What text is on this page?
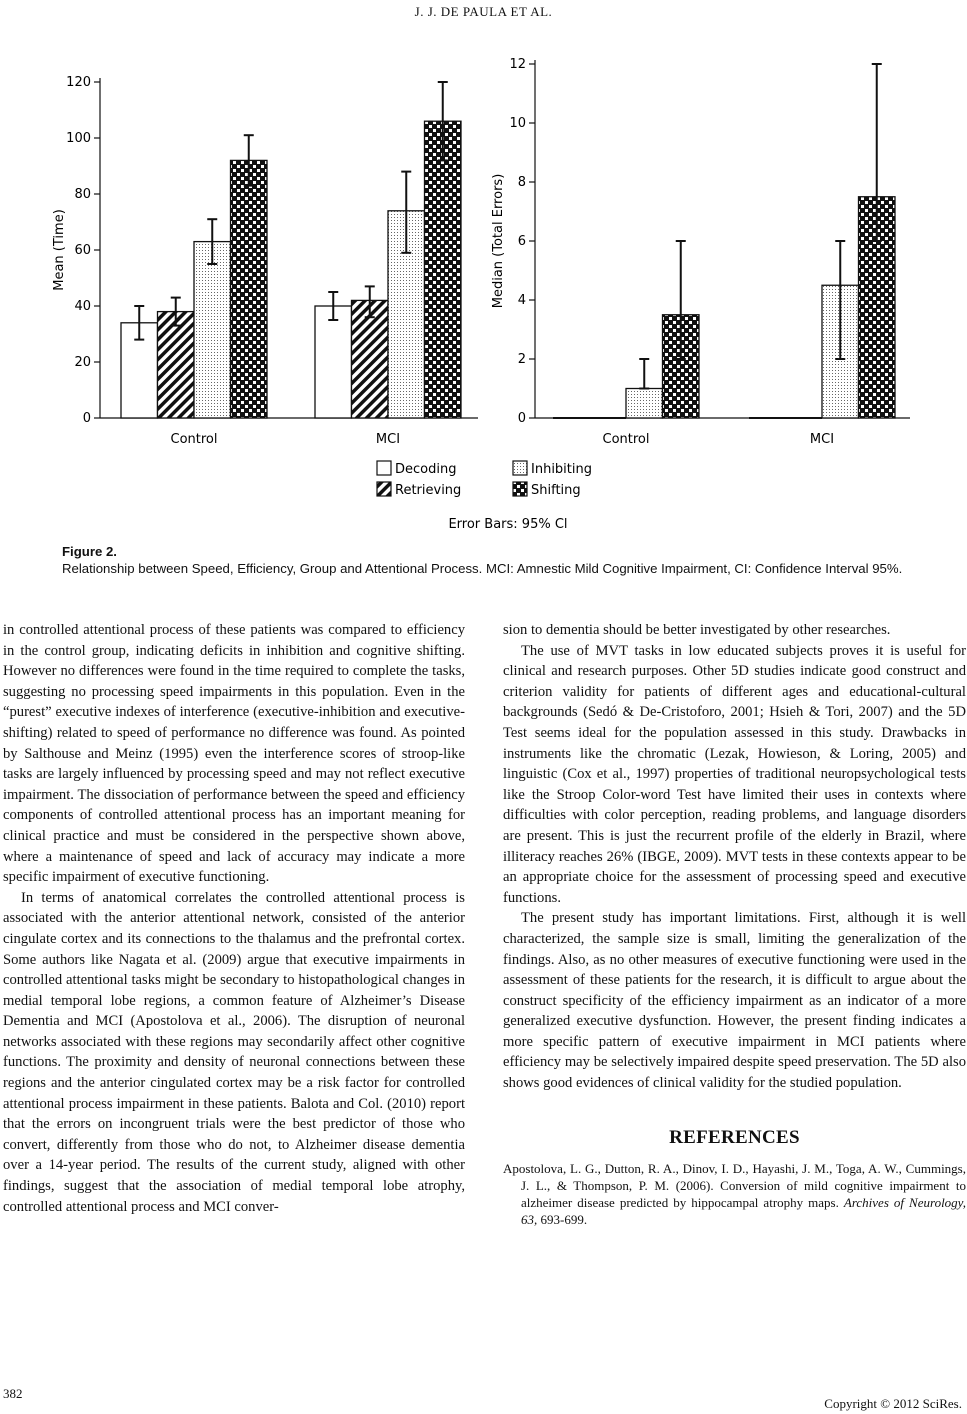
J. J. DE PAULA ET AL.
0
20
40
60
80
100
120
Mean (Time)
Control	MCI
0
2
4
6
8
10
12
Median (Total Errors)
Control	MCI
Decoding	Inhibiting
Retrieving	Shifting
Error Bars: 95% Cl
Figure 2.
Relationship between Speed, Efficiency, Group and Attentional Process. MCI: Amnestic Mild Cognitive Impairment, CI: Confidence Interval 95%.

in controlled attentional process of these patients was compared to efficiency in the control group, indicating deficits in inhibition and cognitive shifting. However no differences were found in the time required to complete the tasks, suggesting no processing speed impairments in this population. Even in the “purest” executive indexes of interference (executive-inhibition and executive-shifting) related to speed of performance no difference was found. As pointed by Salthouse and Meinz (1995) even the interference scores of stroop-like tasks are largely influenced by processing speed and may not reflect executive impairment. The dissociation of performance between the speed and efficiency components of controlled attentional process has an important meaning for clinical practice and must be considered in the perspective shown above, where a maintenance of speed and lack of accuracy may indicate a more specific impairment of executive functioning.

In terms of anatomical correlates the controlled attentional process is associated with the anterior attentional network, consisted of the anterior cingulate cortex and its connections to the thalamus and the prefrontal cortex. Some authors like Nagata et al. (2009) argue that executive impairments in controlled attentional tasks might be secondary to histopathological changes in medial temporal lobe regions, a common feature of Alzheimer’s Disease Dementia and MCI (Apostolova et al., 2006). The disruption of neuronal networks associated with these regions may secondarily affect other cognitive functions. The proximity and density of neuronal connections between these regions and the anterior cingulated cortex may be a risk factor for controlled attentional process impairment in these patients. Balota and Col. (2010) report that the errors on incongruent trials were the best predictor of those who convert, differently from those who do not, to Alzheimer disease dementia over a 14-year period. The results of the current study, aligned with other findings, suggest that the association of medial temporal lobe atrophy, controlled attentional process and MCI conver-

sion to dementia should be better investigated by other researches.

The use of MVT tasks in low educated subjects proves it is useful for clinical and research purposes. Other 5D studies indicate good construct and criterion validity for patients of different ages and educational-cultural backgrounds (Sedó & De-Cristoforo, 2001; Hsieh & Tori, 2007) and the 5D Test seems ideal for the population assessed in this study. Drawbacks in instruments like the chromatic (Lezak, Howieson, & Loring, 2005) and linguistic (Cox et al., 1997) properties of traditional neuropsychological tests like the Stroop Color-word Test have limited their uses in contexts where difficulties with color perception, reading problems, and language disorders are present. This is just the recurrent profile of the elderly in Brazil, where illiteracy reaches 26% (IBGE, 2009). MVT tests in these contexts appear to be an appropriate choice for the assessment of processing speed and executive functions.

The present study has important limitations. First, although it is well characterized, the sample size is small, limiting the generalization of the findings. Also, as no other measures of executive functioning were used in the assessment of these patients for the research, it is difficult to argue about the construct specificity of the efficiency impairment as an indicator of a more generalized executive dysfunction. However, the present finding indicates a more specific pattern of executive impairment in MCI patients where efficiency may be selectively impaired despite speed preservation. The 5D also shows good evidences of clinical validity for the studied population.

REFERENCES
Apostolova, L. G., Dutton, R. A., Dinov, I. D., Hayashi, J. M., Toga, A. W., Cummings, J. L., & Thompson, P. M. (2006). Conversion of mild cognitive impairment to alzheimer disease predicted by hippocampal atrophy maps. Archives of Neurology, 63, 693-699.
382
Copyright © 2012 SciRes.
